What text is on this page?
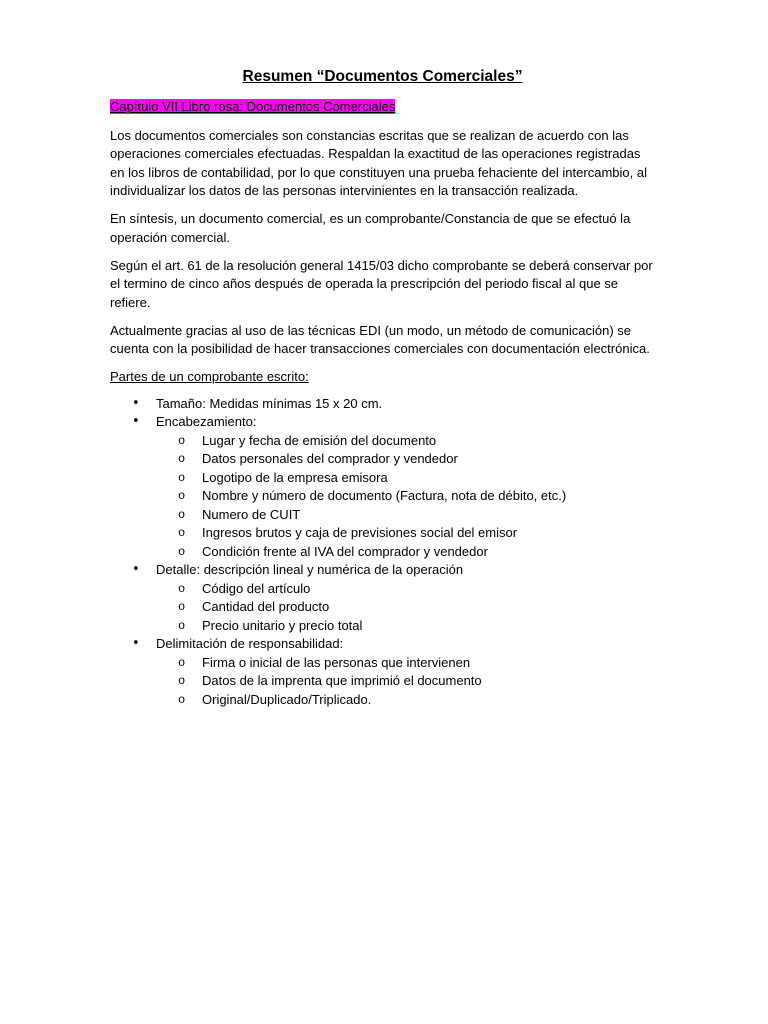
Resumen “Documentos Comerciales”
Capítulo VII Libro rosa: Documentos Comerciales

Los documentos comerciales son constancias escritas que se realizan de acuerdo con las operaciones comerciales efectuadas. Respaldan la exactitud de las operaciones registradas en los libros de contabilidad, por lo que constituyen una prueba fehaciente del intercambio, al individualizar los datos de las personas intervinientes en la transacción realizada.

En síntesis, un documento comercial, es un comprobante/Constancia de que se efectuó la operación comercial.

Según el art. 61 de la resolución general 1415/03 dicho comprobante se deberá conservar por el termino de cinco años después de operada la prescripción del periodo fiscal al que se refiere.

Actualmente gracias al uso de las técnicas EDI (un modo, un método de comunicación) se cuenta con la posibilidad de hacer transacciones comerciales con documentación electrónica.

Partes de un comprobante escrito:
• Tamaño: Medidas mínimas 15 x 20 cm.
• Encabezamiento:
o Lugar y fecha de emisión del documento
o Datos personales del comprador y vendedor
o Logotipo de la empresa emisora
o Nombre y número de documento (Factura, nota de débito, etc.)
o Numero de CUIT
o Ingresos brutos y caja de previsiones social del emisor
o Condición frente al IVA del comprador y vendedor
• Detalle: descripción lineal y numérica de la operación
o Código del artículo
o Cantidad del producto
o Precio unitario y precio total
• Delimitación de responsabilidad:
o Firma o inicial de las personas que intervienen
o Datos de la imprenta que imprimió el documento
o Original/Duplicado/Triplicado.
